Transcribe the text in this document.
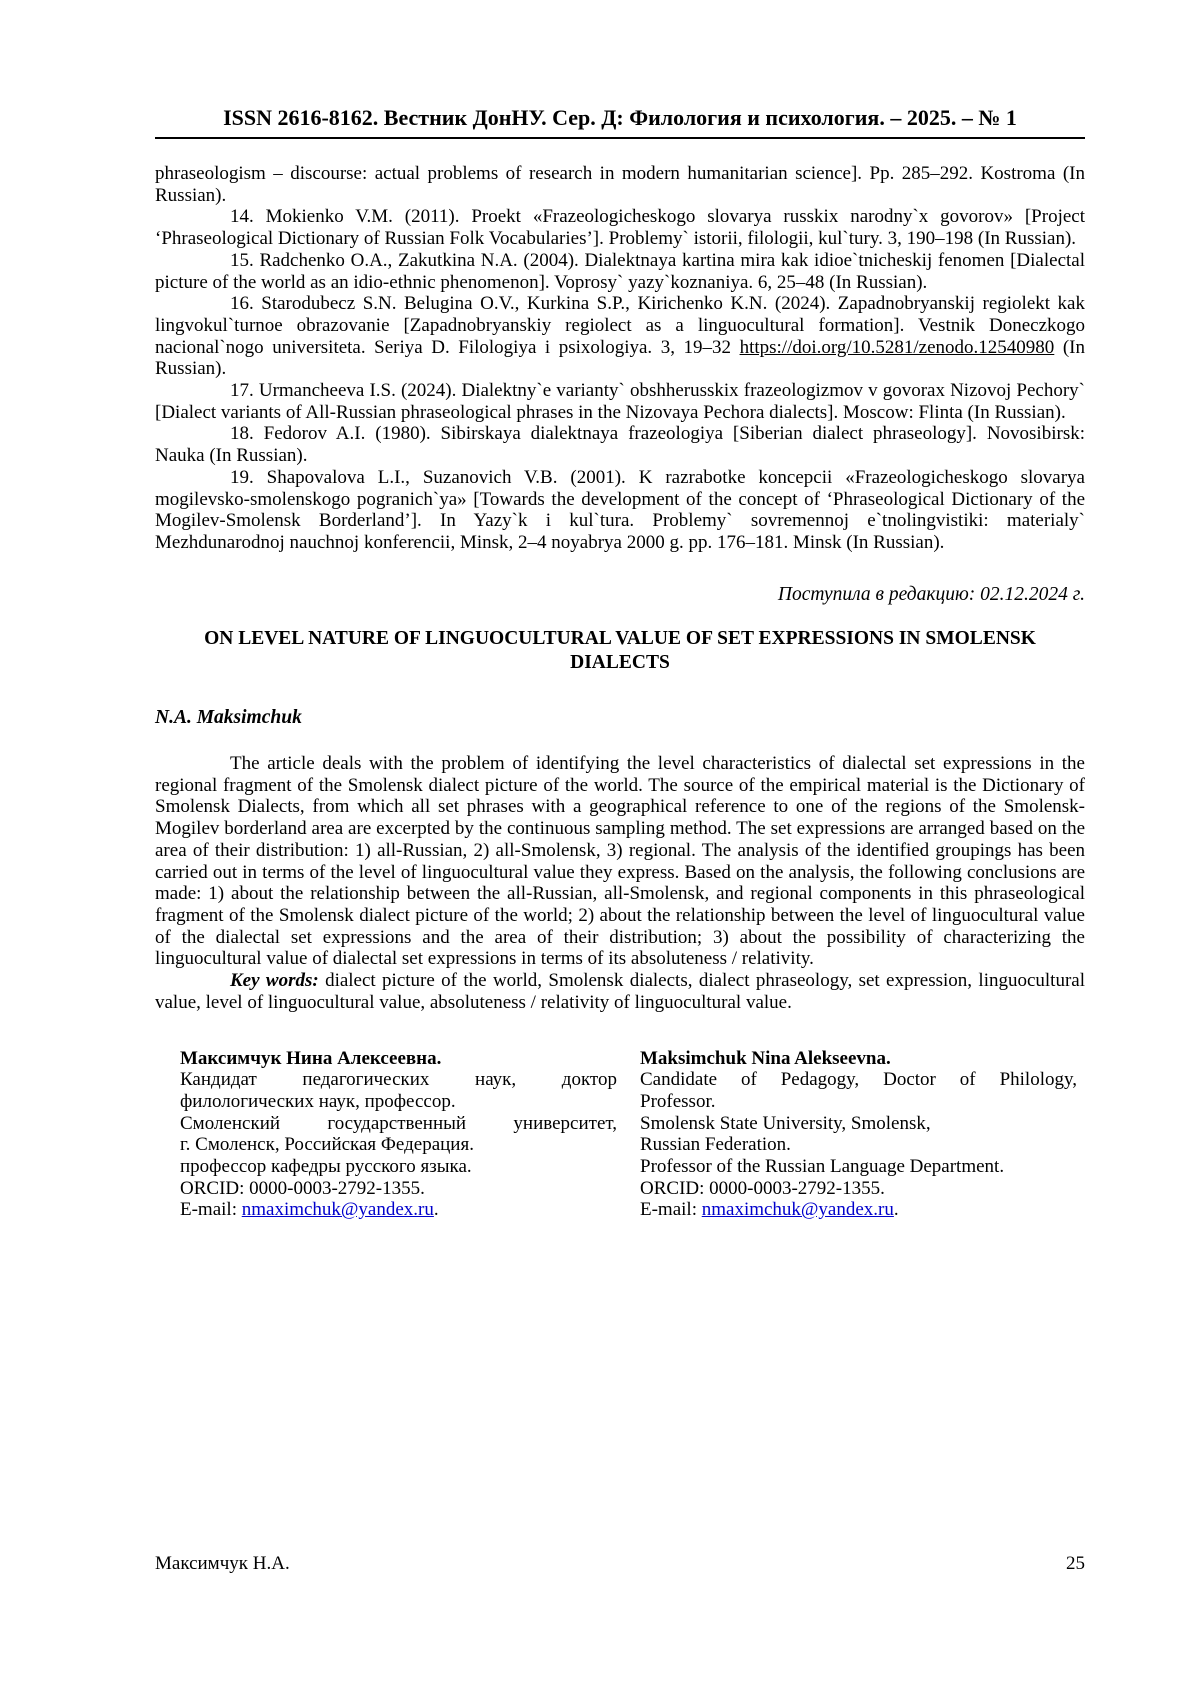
ISSN 2616-8162. Вестник ДонНУ. Сер. Д: Филология и психология. – 2025. – № 1

phraseologism – discourse: actual problems of research in modern humanitarian science]. Pp. 285–292. Kostroma (In Russian).

14. Mokienko V.M. (2011). Proekt «Frazeologicheskogo slovarya russkix narodny`x govorov» [Project ‘Phraseological Dictionary of Russian Folk Vocabularies’]. Problemy` istorii, filologii, kul`tury. 3, 190–198 (In Russian).

15. Radchenko O.A., Zakutkina N.A. (2004). Dialektnaya kartina mira kak idioe`tnicheskij fenomen [Dialectal picture of the world as an idio-ethnic phenomenon]. Voprosy` yazy`koznaniya. 6, 25–48 (In Russian).

16. Starodubecz S.N. Belugina O.V., Kurkina S.P., Kirichenko K.N. (2024). Zapadnobryanskij regiolekt kak lingvokul`turnoe obrazovanie [Zapadnobryanskiy regiolect as a linguocultural formation]. Vestnik Doneczkogo nacional`nogo universiteta. Seriya D. Filologiya i psixologiya. 3, 19–32 https://doi.org/10.5281/zenodo.12540980 (In Russian).

17. Urmancheeva I.S. (2024). Dialektny`e varianty` obshherusskix frazeologizmov v govorax Nizovoj Pechory` [Dialect variants of All-Russian phraseological phrases in the Nizovaya Pechora dialects]. Moscow: Flinta (In Russian).

18. Fedorov A.I. (1980). Sibirskaya dialektnaya frazeologiya [Siberian dialect phraseology]. Novosibirsk: Nauka (In Russian).

19. Shapovalova L.I., Suzanovich V.B. (2001). K razrabotke koncepcii «Frazeologicheskogo slovarya mogilevsko-smolenskogo pogranich`ya» [Towards the development of the concept of ‘Phraseological Dictionary of the Mogilev-Smolensk Borderland’]. In Yazy`k i kul`tura. Problemy` sovremennoj e`tnolingvistiki: materialy` Mezhdunarodnoj nauchnoj konferencii, Minsk, 2–4 noyabrya 2000 g. pp. 176–181. Minsk (In Russian).

Поступила в редакцию: 02.12.2024 г.
ON LEVEL NATURE OF LINGUOCULTURAL VALUE OF SET EXPRESSIONS IN SMOLENSK
DIALECTS
N.A. Maksimchuk

The article deals with the problem of identifying the level characteristics of dialectal set expressions in the regional fragment of the Smolensk dialect picture of the world. The source of the empirical material is the Dictionary of Smolensk Dialects, from which all set phrases with a geographical reference to one of the regions of the Smolensk-Mogilev borderland area are excerpted by the continuous sampling method. The set expressions are arranged based on the area of their distribution: 1) all-Russian, 2) all-Smolensk, 3) regional. The analysis of the identified groupings has been carried out in terms of the level of linguocultural value they express. Based on the analysis, the following conclusions are made: 1) about the relationship between the all-Russian, all-Smolensk, and regional components in this phraseological fragment of the Smolensk dialect picture of the world; 2) about the relationship between the level of linguocultural value of the dialectal set expressions and the area of their distribution; 3) about the possibility of characterizing the linguocultural value of dialectal set expressions in terms of its absoluteness / relativity.

Key words: dialect picture of the world, Smolensk dialects, dialect phraseology, set expression, linguocultural value, level of linguocultural value, absoluteness / relativity of linguocultural value.

Максимчук Нина Алексеевна.

Кандидат педагогических наук, доктор

филологических наук, профессор.

Смоленский государственный университет,

г. Смоленск, Российская Федерация.

профессор кафедры русского языка.

ORCID: 0000-0003-2792-1355.

E-mail: nmaximchuk@yandex.ru.

Maksimchuk Nina Alekseevna.

Candidate of Pedagogy, Doctor of Philology,

Professor.

Smolensk State University, Smolensk,

Russian Federation.

Professor of the Russian Language Department.

ORCID: 0000-0003-2792-1355.

E-mail: nmaximchuk@yandex.ru.

Максимчук Н.А.	25
